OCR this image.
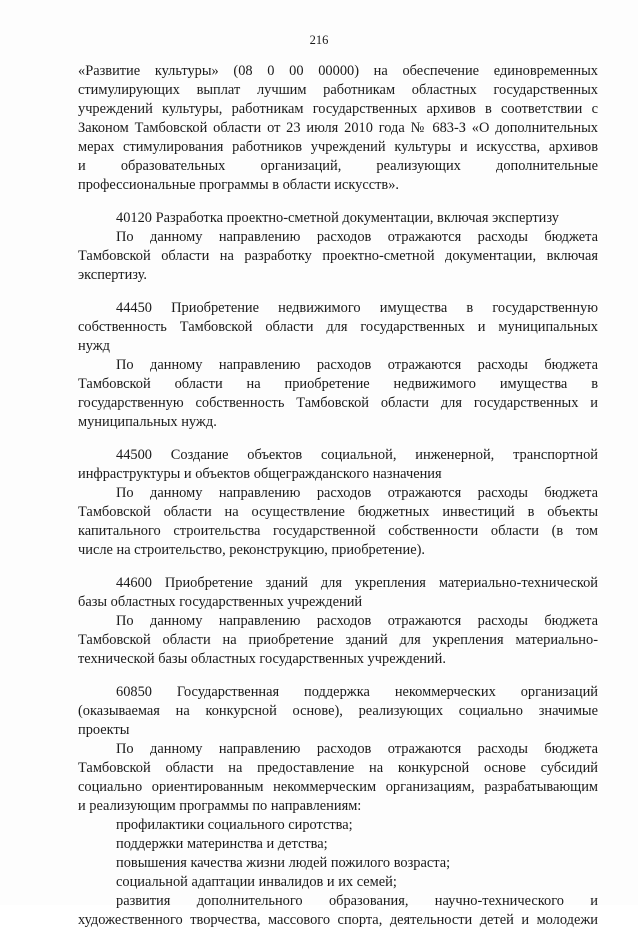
216
«Развитие культуры» (08 0 00 00000) на обеспечение единовременных
стимулирующих выплат лучшим работникам областных государственных
учреждений культуры, работникам государственных архивов в соответствии с
Законом Тамбовской области от 23 июля 2010 года № 683-З «О дополнительных
мерах стимулирования работников учреждений культуры и искусства, архивов
и образовательных организаций, реализующих дополнительные
профессиональные программы в области искусств».
40120 Разработка проектно-сметной документации, включая экспертизу
По данному направлению расходов отражаются расходы бюджета
Тамбовской области на разработку проектно-сметной документации, включая
экспертизу.
44450 Приобретение недвижимого имущества в государственную
собственность Тамбовской области для государственных и муниципальных
нужд
По данному направлению расходов отражаются расходы бюджета
Тамбовской области на приобретение недвижимого имущества в
государственную собственность Тамбовской области для государственных и
муниципальных нужд.
44500 Создание объектов социальной, инженерной, транспортной
инфраструктуры и объектов общегражданского назначения
По данному направлению расходов отражаются расходы бюджета
Тамбовской области на осуществление бюджетных инвестиций в объекты
капитального строительства государственной собственности области (в том
числе на строительство, реконструкцию, приобретение).
44600 Приобретение зданий для укрепления материально-технической
базы областных государственных учреждений
По данному направлению расходов отражаются расходы бюджета
Тамбовской области на приобретение зданий для укрепления материально-
технической базы областных государственных учреждений.
60850 Государственная поддержка некоммерческих организаций
(оказываемая на конкурсной основе), реализующих социально значимые
проекты
По данному направлению расходов отражаются расходы бюджета
Тамбовской области на предоставление на конкурсной основе субсидий
социально ориентированным некоммерческим организациям, разрабатывающим
и реализующим программы по направлениям:
профилактики социального сиротства;
поддержки материнства и детства;
повышения качества жизни людей пожилого возраста;
социальной адаптации инвалидов и их семей;
развития дополнительного образования, научно-технического и
художественного творчества, массового спорта, деятельности детей и молодежи
